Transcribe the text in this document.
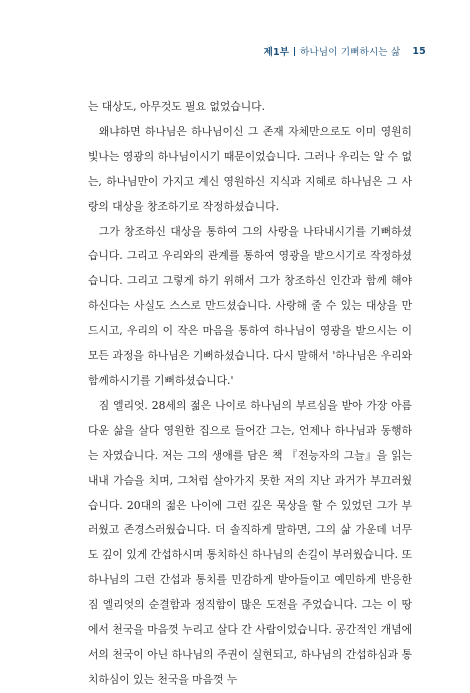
제1부 하나님이 기뻐하시는 삶 15

는 대상도, 아무것도 필요 없었습니다.

왜냐하면 하나님은 하나님이신 그 존재 자체만으로도 이미 영원히 빛나는 영광의 하나님이시기 때문이었습니다. 그러나 우리는 알 수 없는, 하나님만이 가지고 계신 영원하신 지식과 지혜로 하나님은 그 사랑의 대상을 창조하기로 작정하셨습니다.

그가 창조하신 대상을 통하여 그의 사랑을 나타내시기를 기뻐하셨습니다. 그리고 우리와의 관계를 통하여 영광을 받으시기로 작정하셨습니다. 그리고 그렇게 하기 위해서 그가 창조하신 인간과 함께 해야 하신다는 사실도 스스로 만드셨습니다. 사랑해 줄 수 있는 대상을 만드시고, 우리의 이 작은 마음을 통하여 하나님이 영광을 받으시는 이 모든 과정을 하나님은 기뻐하셨습니다. 다시 말해서 '하나님은 우리와 함께하시기를 기뻐하셨습니다.'

짐 엘리엇. 28세의 젊은 나이로 하나님의 부르심을 받아 가장 아름다운 삶을 살다 영원한 집으로 들어간 그는, 언제나 하나님과 동행하는 자였습니다. 저는 그의 생애를 담은 책 『전능자의 그늘』을 읽는 내내 가슴을 치며, 그처럼 살아가지 못한 저의 지난 과거가 부끄러웠습니다. 20대의 젊은 나이에 그런 깊은 묵상을 할 수 있었던 그가 부러웠고 존경스러웠습니다. 더 솔직하게 말하면, 그의 삶 가운데 너무도 깊이 있게 간섭하시며 통치하신 하나님의 손길이 부러웠습니다. 또 하나님의 그런 간섭과 통치를 민감하게 받아들이고 예민하게 반응한 짐 엘리엇의 순결함과 정직함이 많은 도전을 주었습니다. 그는 이 땅에서 천국을 마음껏 누리고 살다 간 사람이었습니다. 공간적인 개념에서의 천국이 아닌 하나님의 주권이 실현되고, 하나님의 간섭하심과 통치하심이 있는 천국을 마음껏 누
